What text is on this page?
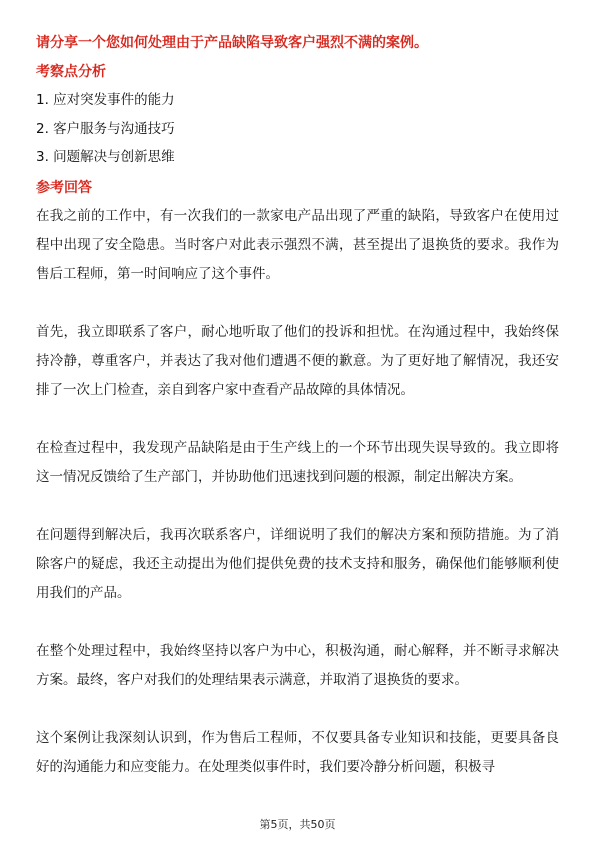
请分享一个您如何处理由于产品缺陷导致客户强烈不满的案例。
考察点分析
1. 应对突发事件的能力
2. 客户服务与沟通技巧
3. 问题解决与创新思维
参考回答

在我之前的工作中，有一次我们的一款家电产品出现了严重的缺陷，导致客户在使用过程中出现了安全隐患。当时客户对此表示强烈不满，甚至提出了退换货的要求。我作为售后工程师，第一时间响应了这个事件。

首先，我立即联系了客户，耐心地听取了他们的投诉和担忧。在沟通过程中，我始终保持冷静，尊重客户，并表达了我对他们遭遇不便的歉意。为了更好地了解情况，我还安排了一次上门检查，亲自到客户家中查看产品故障的具体情况。

在检查过程中，我发现产品缺陷是由于生产线上的一个环节出现失误导致的。我立即将这一情况反馈给了生产部门，并协助他们迅速找到问题的根源，制定出解决方案。

在问题得到解决后，我再次联系客户，详细说明了我们的解决方案和预防措施。为了消除客户的疑虑，我还主动提出为他们提供免费的技术支持和服务，确保他们能够顺利使用我们的产品。

在整个处理过程中，我始终坚持以客户为中心，积极沟通，耐心解释，并不断寻求解决方案。最终，客户对我们的处理结果表示满意，并取消了退换货的要求。

这个案例让我深刻认识到，作为售后工程师，不仅要具备专业知识和技能，更要具备良好的沟通能力和应变能力。在处理类似事件时，我们要冷静分析问题，积极寻

第5页，共50页
